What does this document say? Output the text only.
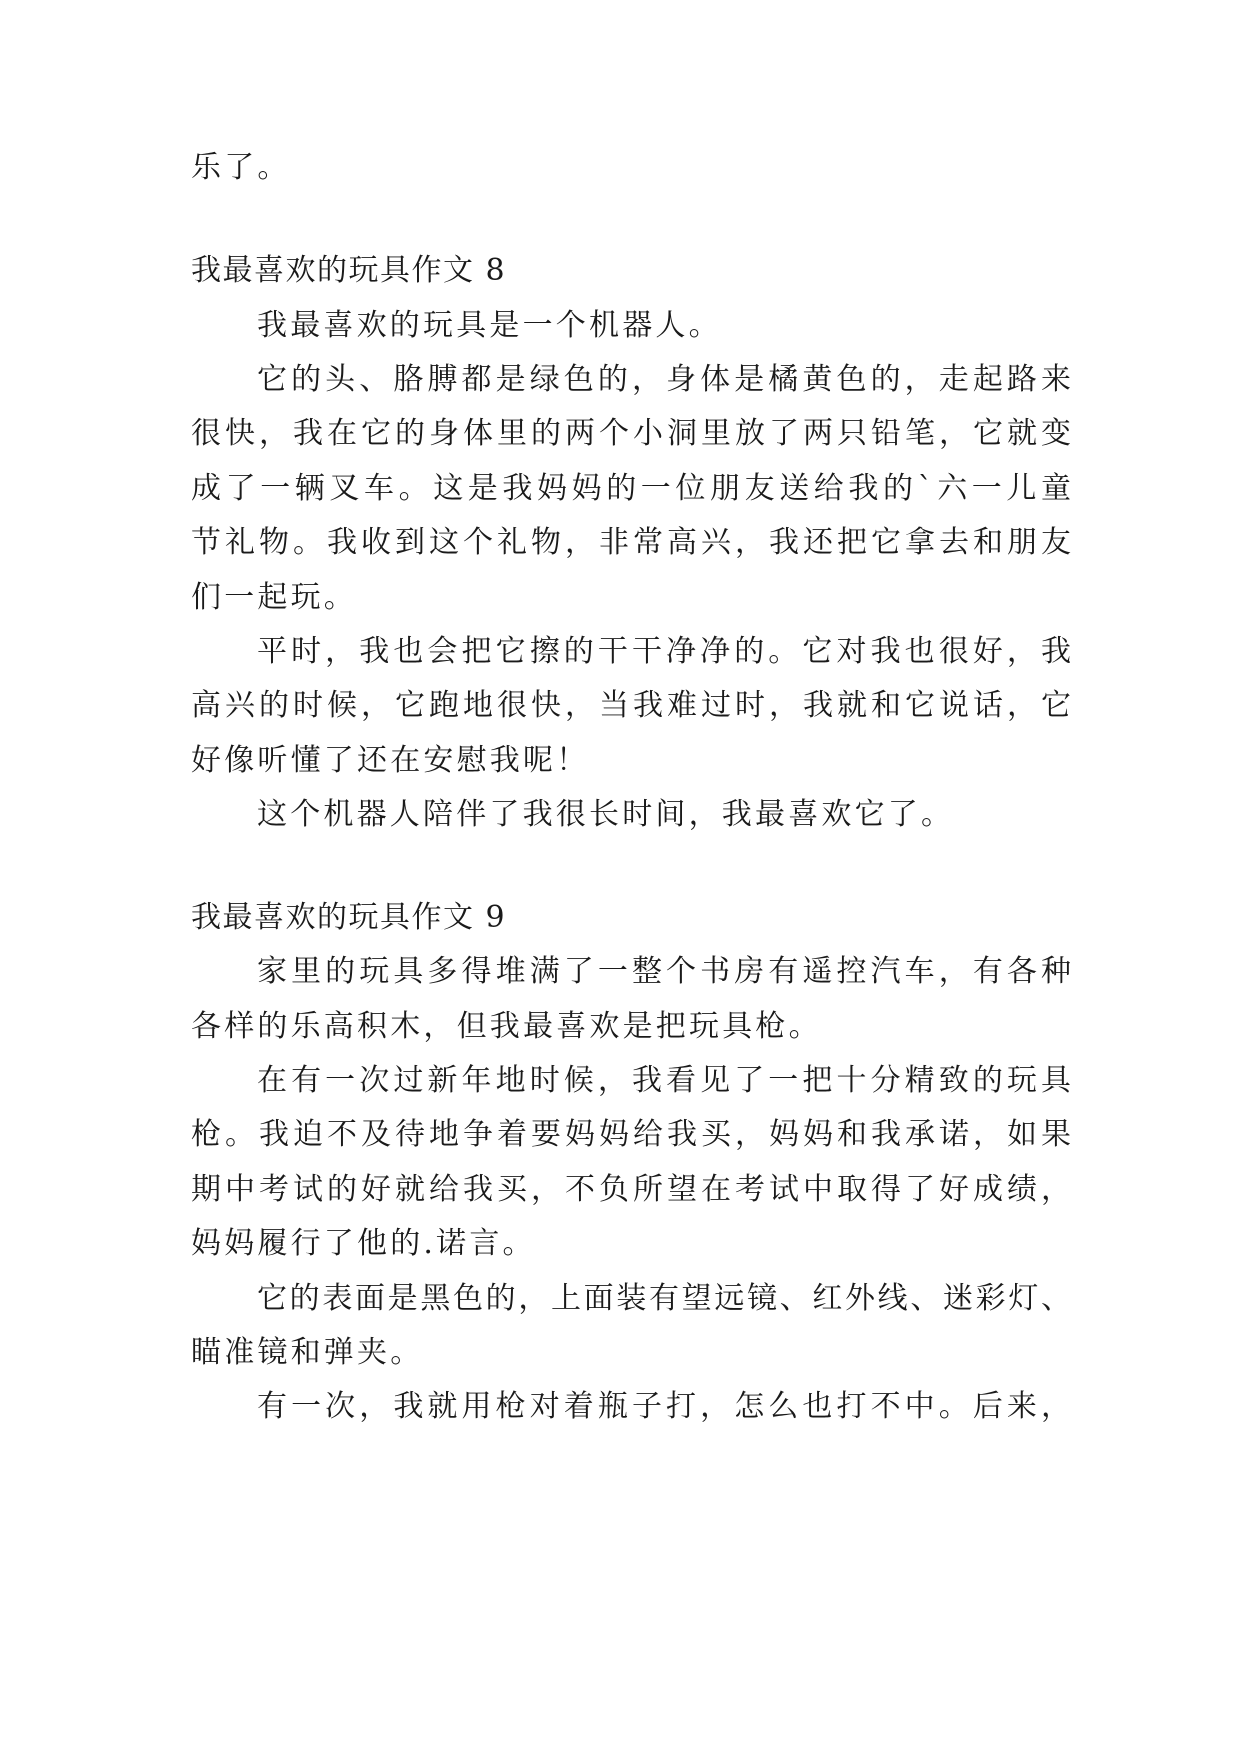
乐了。
我最喜欢的玩具作文 8
我最喜欢的玩具是一个机器人。
它的头、胳膊都是绿色的，身体是橘黄色的，走起路来
很快，我在它的身体里的两个小洞里放了两只铅笔，它就变
成了一辆叉车。这是我妈妈的一位朋友送给我的`六一儿童
节礼物。我收到这个礼物，非常高兴，我还把它拿去和朋友
们一起玩。
平时，我也会把它擦的干干净净的。它对我也很好，我
高兴的时候，它跑地很快，当我难过时，我就和它说话，它
好像听懂了还在安慰我呢！
这个机器人陪伴了我很长时间，我最喜欢它了。
我最喜欢的玩具作文 9
家里的玩具多得堆满了一整个书房有遥控汽车，有各种
各样的乐高积木，但我最喜欢是把玩具枪。
在有一次过新年地时候，我看见了一把十分精致的玩具
枪。我迫不及待地争着要妈妈给我买，妈妈和我承诺，如果
期中考试的好就给我买，不负所望在考试中取得了好成绩，
妈妈履行了他的.诺言。
它的表面是黑色的，上面装有望远镜、红外线、迷彩灯、
瞄准镜和弹夹。
有一次，我就用枪对着瓶子打，怎么也打不中。后来，
